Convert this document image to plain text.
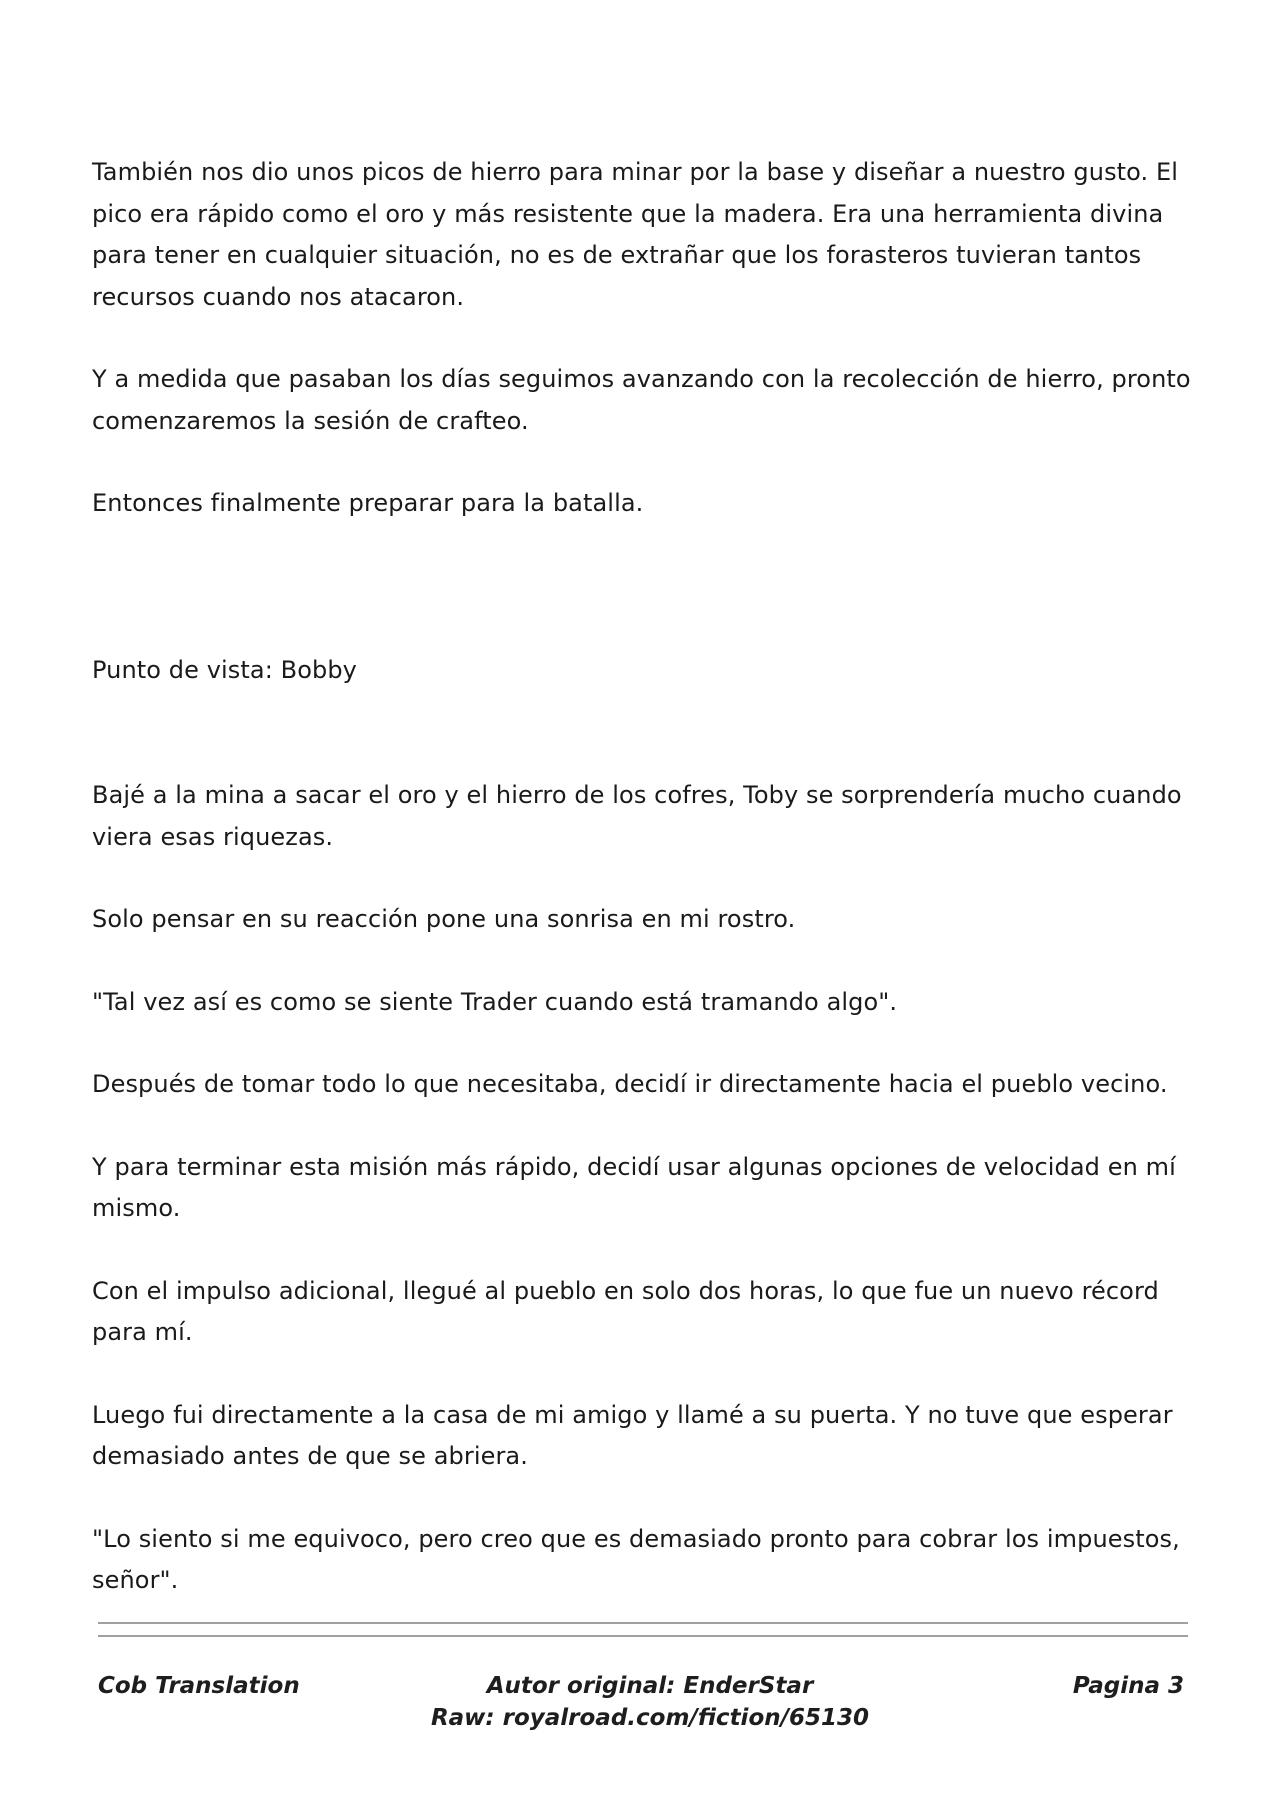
También nos dio unos picos de hierro para minar por la base y diseñar a nuestro gusto. El pico era rápido como el oro y más resistente que la madera. Era una herramienta divina para tener en cualquier situación, no es de extrañar que los forasteros tuvieran tantos recursos cuando nos atacaron.

Y a medida que pasaban los días seguimos avanzando con la recolección de hierro, pronto comenzaremos la sesión de crafteo.

Entonces finalmente preparar para la batalla.

Punto de vista: Bobby

Bajé a la mina a sacar el oro y el hierro de los cofres, Toby se sorprendería mucho cuando viera esas riquezas.

Solo pensar en su reacción pone una sonrisa en mi rostro.

"Tal vez así es como se siente Trader cuando está tramando algo".

Después de tomar todo lo que necesitaba, decidí ir directamente hacia el pueblo vecino.

Y para terminar esta misión más rápido, decidí usar algunas opciones de velocidad en mí mismo.

Con el impulso adicional, llegué al pueblo en solo dos horas, lo que fue un nuevo récord para mí.

Luego fui directamente a la casa de mi amigo y llamé a su puerta. Y no tuve que esperar demasiado antes de que se abriera.

"Lo siento si me equivoco, pero creo que es demasiado pronto para cobrar los impuestos, señor".

Cob Translation	Autor original: EnderStar
Raw: royalroad.com/fiction/65130
Pagina 3
